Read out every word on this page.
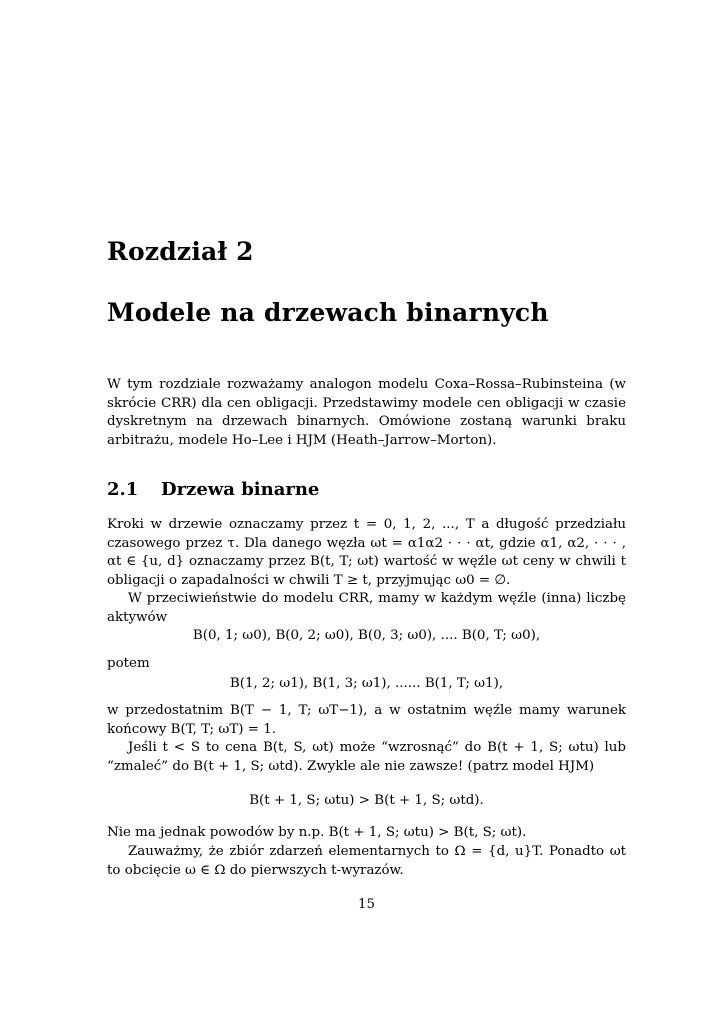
Rozdział 2
Modele na drzewach binarnych

W tym rozdziale rozważamy analogon modelu Coxa–Rossa–Rubinsteina (w skrócie CRR) dla cen obligacji. Przedstawimy modele cen obligacji w czasie dyskretnym na drzewach binarnych. Omówione zostaną warunki braku arbitrażu, modele Ho–Lee i HJM (Heath–Jarrow–Morton).

2.1 Drzewa binarne

Kroki w drzewie oznaczamy przez t = 0, 1, 2, ..., T a długość przedziału czasowego przez τ. Dla danego węzła ωt = α1α2 · · · αt, gdzie α1, α2, · · · , αt ∈ {u, d} oznaczamy przez B(t, T; ωt) wartość w węźle ωt ceny w chwili t obligacji o zapadalności w chwili T ≥ t, przyjmując ω0 = ∅.

W przeciwieństwie do modelu CRR, mamy w każdym węźle (inna) liczbę aktywów

B(0, 1; ω0), B(0, 2; ω0), B(0, 3; ω0), .... B(0, T; ω0),

potem

B(1, 2; ω1), B(1, 3; ω1), ...... B(1, T; ω1),

w przedostatnim B(T − 1, T; ωT−1), a w ostatnim węźle mamy warunek końcowy B(T, T; ωT) = 1.

Jeśli t < S to cena B(t, S, ωt) może “wzrosnąć” do B(t + 1, S; ωtu) lub “zmaleć” do B(t + 1, S; ωtd). Zwykle ale nie zawsze! (patrz model HJM)

B(t + 1, S; ωtu) > B(t + 1, S; ωtd).

Nie ma jednak powodów by n.p. B(t + 1, S; ωtu) > B(t, S; ωt).

Zauważmy, że zbiór zdarzeń elementarnych to Ω = {d, u}T. Ponadto ωt to obcięcie ω ∈ Ω do pierwszych t-wyrazów.

15
